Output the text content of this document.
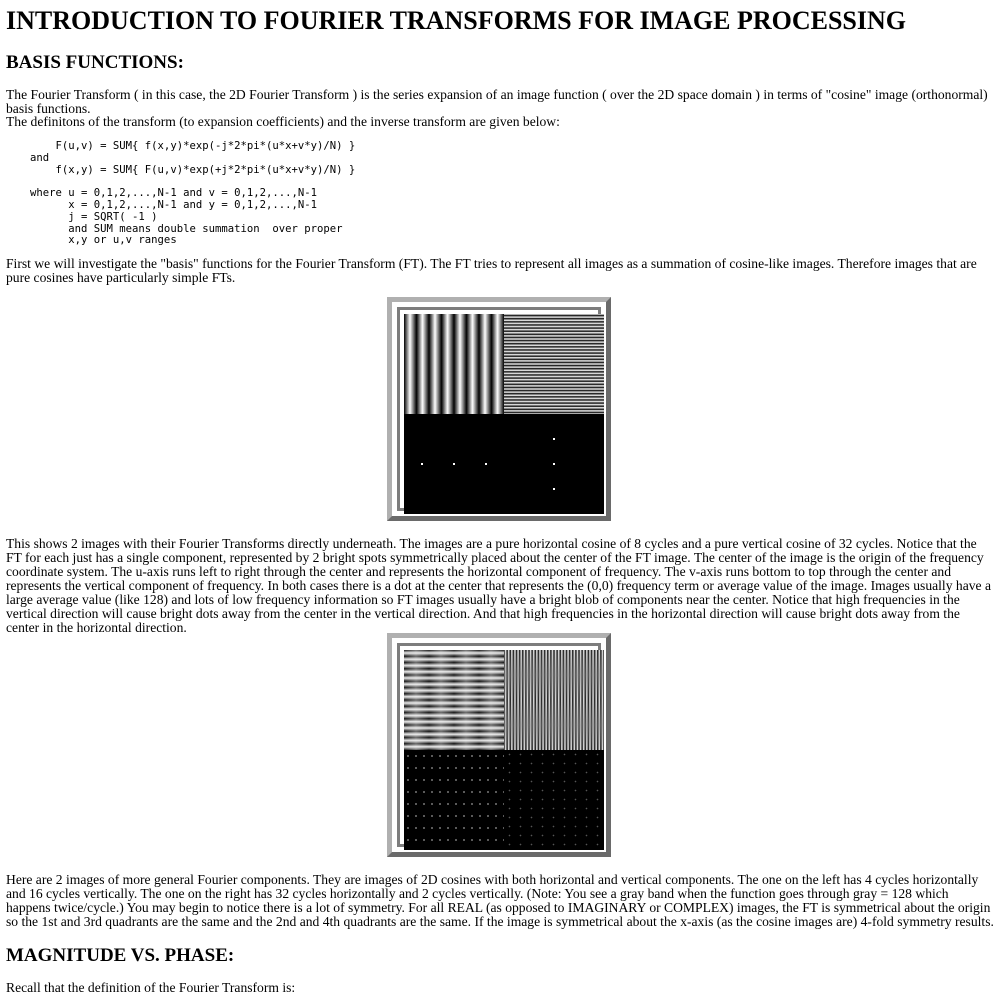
INTRODUCTION TO FOURIER TRANSFORMS FOR IMAGE PROCESSING
BASIS FUNCTIONS:

The Fourier Transform ( in this case, the 2D Fourier Transform ) is the series expansion of an image function ( over the 2D space domain ) in terms of "cosine" image (orthonormal) basis functions.

The definitons of the transform (to expansion coefficients) and the inverse transform are given below:

F(u,v) = SUM{ f(x,y)*exp(-j*2*pi*(u*x+v*y)/N) }
and
f(x,y) = SUM{ F(u,v)*exp(+j*2*pi*(u*x+v*y)/N) }

where u = 0,1,2,...,N-1 and v = 0,1,2,...,N-1
x = 0,1,2,...,N-1 and y = 0,1,2,...,N-1
j = SQRT( -1 )
and SUM means double summation  over proper
x,y or u,v ranges

First we will investigate the "basis" functions for the Fourier Transform (FT). The FT tries to represent all images as a summation of cosine-like images. Therefore images that are pure cosines have particularly simple FTs.

This shows 2 images with their Fourier Transforms directly underneath. The images are a pure horizontal cosine of 8 cycles and a pure vertical cosine of 32 cycles. Notice that the FT for each just has a single component, represented by 2 bright spots symmetrically placed about the center of the FT image. The center of the image is the origin of the frequency coordinate system. The u-axis runs left to right through the center and represents the horizontal component of frequency. The v-axis runs bottom to top through the center and represents the vertical component of frequency. In both cases there is a dot at the center that represents the (0,0) frequency term or average value of the image. Images usually have a large average value (like 128) and lots of low frequency information so FT images usually have a bright blob of components near the center. Notice that high frequencies in the vertical direction will cause bright dots away from the center in the vertical direction. And that high frequencies in the horizontal direction will cause bright dots away from the center in the horizontal direction.

Here are 2 images of more general Fourier components. They are images of 2D cosines with both horizontal and vertical components. The one on the left has 4 cycles horizontally and 16 cycles vertically. The one on the right has 32 cycles horizontally and 2 cycles vertically. (Note: You see a gray band when the function goes through gray = 128 which happens twice/cycle.) You may begin to notice there is a lot of symmetry. For all REAL (as opposed to IMAGINARY or COMPLEX) images, the FT is symmetrical about the origin so the 1st and 3rd quadrants are the same and the 2nd and 4th quadrants are the same. If the image is symmetrical about the x-axis (as the cosine images are) 4-fold symmetry results.

MAGNITUDE VS. PHASE:

Recall that the definition of the Fourier Transform is:
